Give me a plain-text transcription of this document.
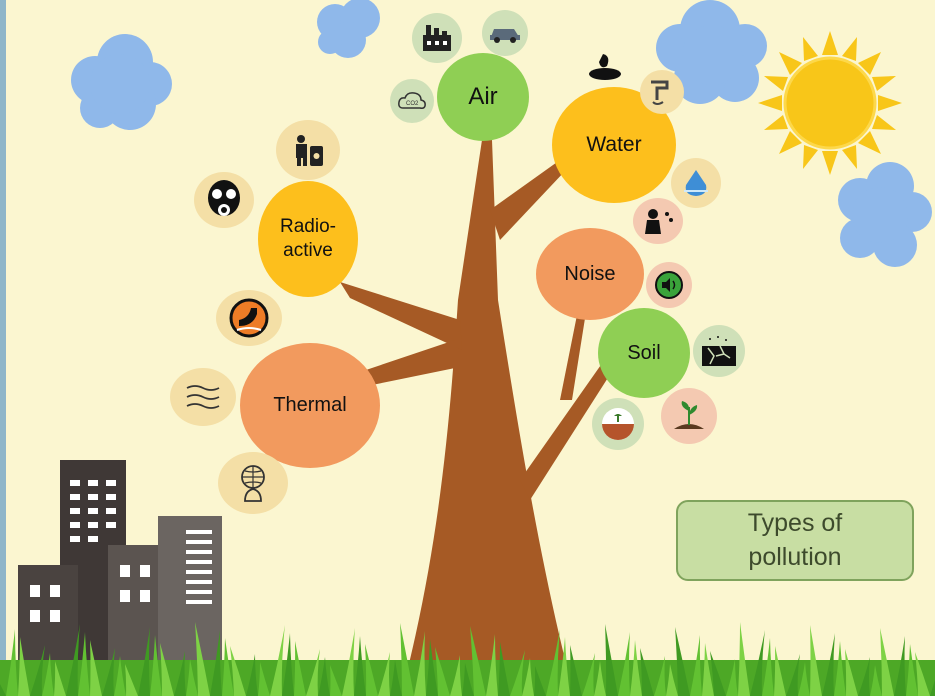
Air
Water
Radio-
active
Noise
Soil
Thermal
CO2
Types of
pollution
